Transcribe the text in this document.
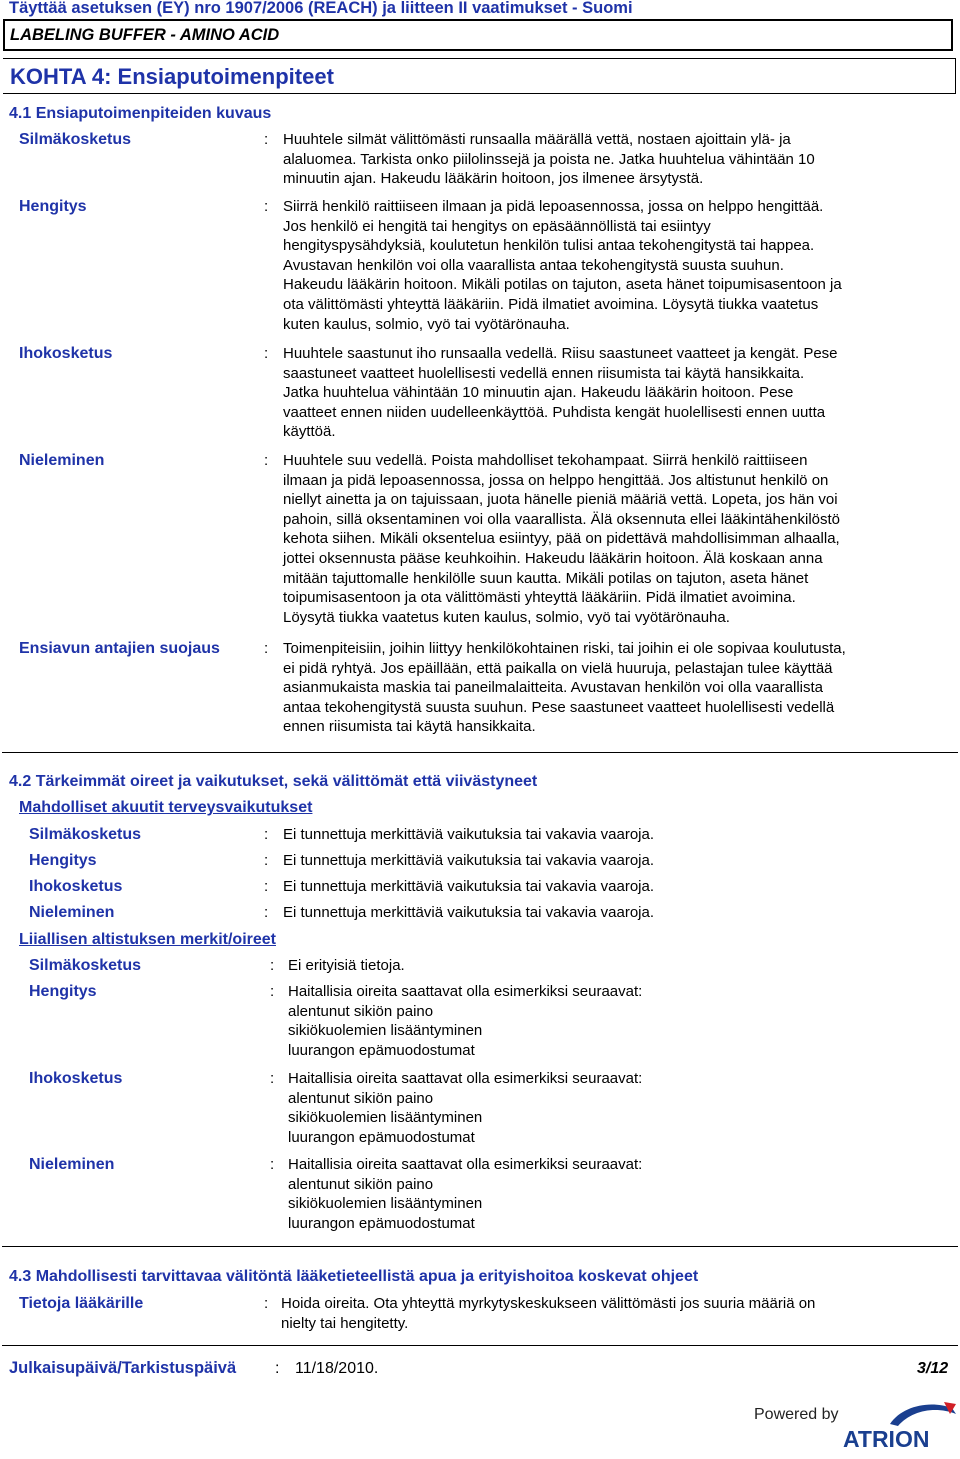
Täyttää asetuksen (EY) nro 1907/2006 (REACH) ja liitteen II vaatimukset - Suomi
LABELING BUFFER - AMINO ACID
KOHTA 4: Ensiaputoimenpiteet
4.1 Ensiaputoimenpiteiden kuvaus
Silmäkosketus	: Huuhtele silmät välittömästi runsaalla määrällä vettä, nostaen ajoittain ylä- ja
alaluomea. Tarkista onko piilolinssejä ja poista ne. Jatka huuhtelua vähintään 10
minuutin ajan. Hakeudu lääkärin hoitoon, jos ilmenee ärsytystä.
Hengitys	: Siirrä henkilö raittiiseen ilmaan ja pidä lepoasennossa, jossa on helppo hengittää.
Jos henkilö ei hengitä tai hengitys on epäsäännöllistä tai esiintyy
hengityspysähdyksiä, koulutetun henkilön tulisi antaa tekohengitystä tai happea.
Avustavan henkilön voi olla vaarallista antaa tekohengitystä suusta suuhun.
Hakeudu lääkärin hoitoon. Mikäli potilas on tajuton, aseta hänet toipumisasentoon ja
ota välittömästi yhteyttä lääkäriin. Pidä ilmatiet avoimina. Löysytä tiukka vaatetus
kuten kaulus, solmio, vyö tai vyötärönauha.
Ihokosketus	: Huuhtele saastunut iho runsaalla vedellä. Riisu saastuneet vaatteet ja kengät. Pese
saastuneet vaatteet huolellisesti vedellä ennen riisumista tai käytä hansikkaita.
Jatka huuhtelua vähintään 10 minuutin ajan. Hakeudu lääkärin hoitoon. Pese
vaatteet ennen niiden uudelleenkäyttöä. Puhdista kengät huolellisesti ennen uutta
käyttöä.
Nieleminen	: Huuhtele suu vedellä. Poista mahdolliset tekohampaat. Siirrä henkilö raittiiseen
ilmaan ja pidä lepoasennossa, jossa on helppo hengittää. Jos altistunut henkilö on
niellyt ainetta ja on tajuissaan, juota hänelle pieniä määriä vettä. Lopeta, jos hän voi
pahoin, sillä oksentaminen voi olla vaarallista. Älä oksennuta ellei lääkintähenkilöstö
kehota siihen. Mikäli oksentelua esiintyy, pää on pidettävä mahdollisimman alhaalla,
jottei oksennusta pääse keuhkoihin. Hakeudu lääkärin hoitoon. Älä koskaan anna
mitään tajuttomalle henkilölle suun kautta. Mikäli potilas on tajuton, aseta hänet
toipumisasentoon ja ota välittömästi yhteyttä lääkäriin. Pidä ilmatiet avoimina.
Löysytä tiukka vaatetus kuten kaulus, solmio, vyö tai vyötärönauha.
Ensiavun antajien suojaus	: Toimenpiteisiin, joihin liittyy henkilökohtainen riski, tai joihin ei ole sopivaa koulutusta,
ei pidä ryhtyä. Jos epäillään, että paikalla on vielä huuruja, pelastajan tulee käyttää
asianmukaista maskia tai paneilmalaitteita. Avustavan henkilön voi olla vaarallista
antaa tekohengitystä suusta suuhun. Pese saastuneet vaatteet huolellisesti vedellä
ennen riisumista tai käytä hansikkaita.
4.2 Tärkeimmät oireet ja vaikutukset, sekä välittömät että viivästyneet
Mahdolliset akuutit terveysvaikutukset
Silmäkosketus	: Ei tunnettuja merkittäviä vaikutuksia tai vakavia vaaroja.
Hengitys	: Ei tunnettuja merkittäviä vaikutuksia tai vakavia vaaroja.
Ihokosketus	: Ei tunnettuja merkittäviä vaikutuksia tai vakavia vaaroja.
Nieleminen	: Ei tunnettuja merkittäviä vaikutuksia tai vakavia vaaroja.
Liiallisen altistuksen merkit/oireet
Silmäkosketus	: Ei erityisiä tietoja.
Hengitys	: Haitallisia oireita saattavat olla esimerkiksi seuraavat:
alentunut sikiön paino
sikiökuolemien lisääntyminen
luurangon epämuodostumat
Ihokosketus	: Haitallisia oireita saattavat olla esimerkiksi seuraavat:
alentunut sikiön paino
sikiökuolemien lisääntyminen
luurangon epämuodostumat
Nieleminen	: Haitallisia oireita saattavat olla esimerkiksi seuraavat:
alentunut sikiön paino
sikiökuolemien lisääntyminen
luurangon epämuodostumat
4.3 Mahdollisesti tarvittavaa välitöntä lääketieteellistä apua ja erityishoitoa koskevat ohjeet
Tietoja lääkärille	: Hoida oireita. Ota yhteyttä myrkytyskeskukseen välittömästi jos suuria määriä on
nielty tai hengitetty.
Julkaisupäivä/Tarkistuspäivä : 11/18/2010.	3/12
Powered by
ATRION
